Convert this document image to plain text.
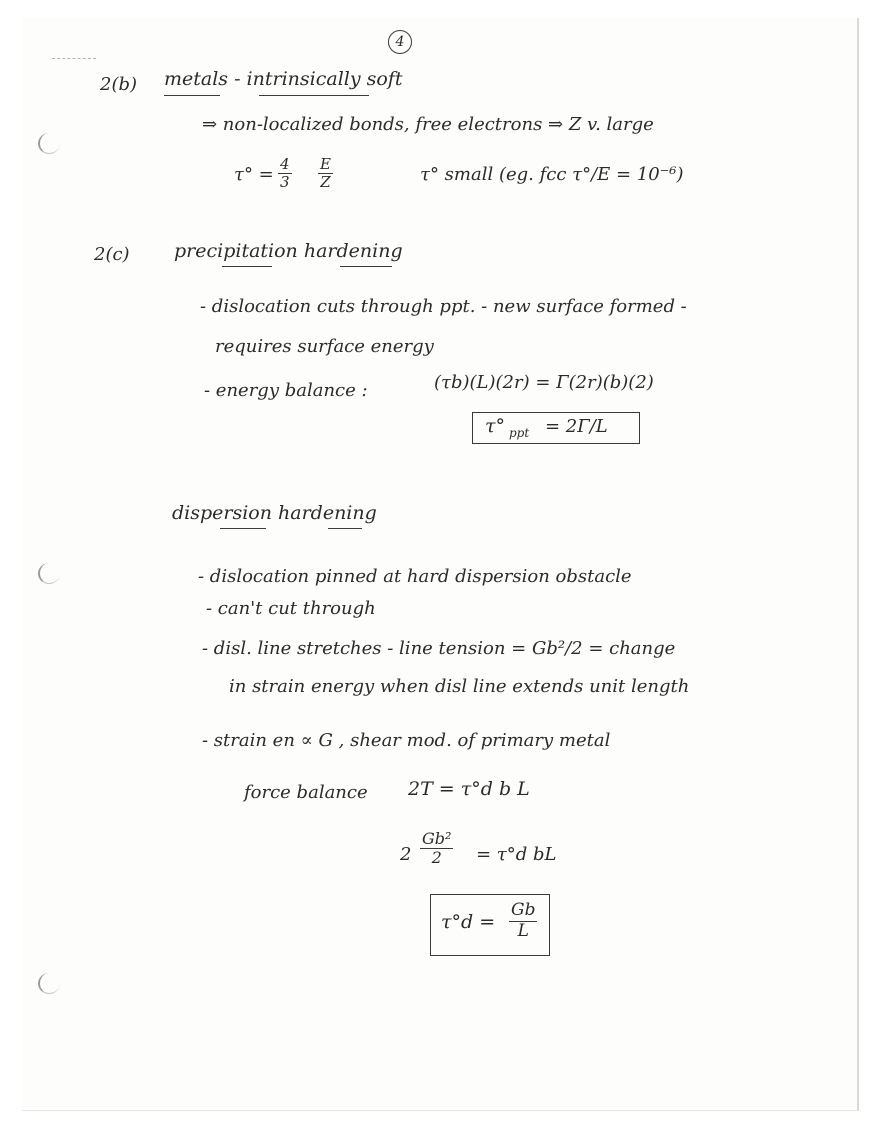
4
2(b) metals - intrinsically soft
⇒ non-localized bonds, free electrons ⇒ Z v. large
$\tau^\circ = \frac{4}{3} \frac{E}{Z}$	τ° small (eg. fcc τ°/E = 10⁻⁶)
2(c) precipitation hardening
- dislocation cuts through ppt. - new surface formed -
requires surface energy
- energy balance :	(τb)(L)(2r) = Γ(2r)(b)(2)
τ° ppt = 2Γ/L
dispersion hardening
- dislocation pinned at hard dispersion obstacle
- can't cut through
- disl. line stretches - line tension = Gb²/2 = change
in strain energy when disl line extends unit length
- strain en ∝ G , shear mod. of primary metal
force balance 2T = τ°d b L
$2 \frac{\text{Gb²}}{2} = \tau^\circ d$ bL
$\tau^\circ d = \frac{Gb}{L}$
